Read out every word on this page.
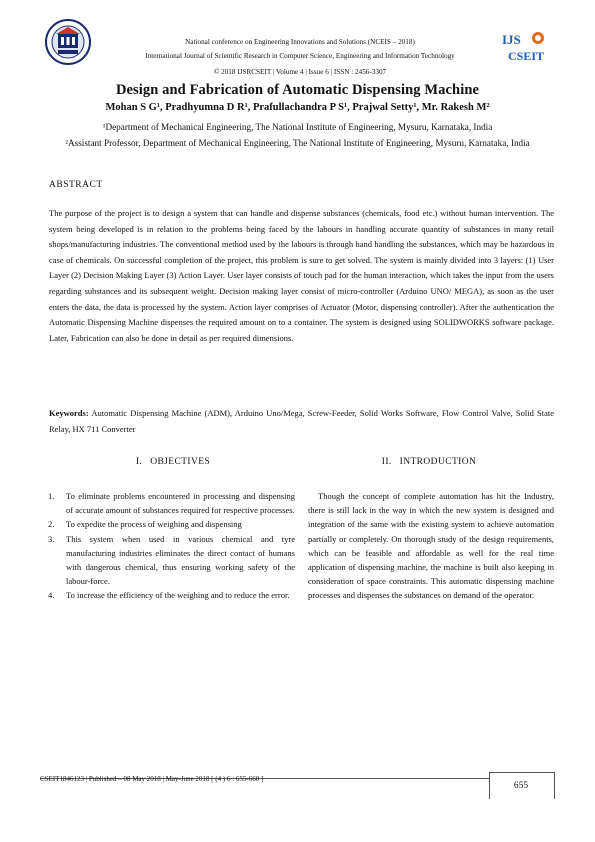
National conference on Engineering Innovations and Solutions (NCEIS – 2018)
International Journal of Scientific Research in Computer Science, Engineering and Information Technology
© 2018 IJSRCSEIT | Volume 4 | Issue 6 | ISSN : 2456-3307
IJS
CSEIT
Design and Fabrication of Automatic Dispensing Machine
Mohan S G¹, Pradhyumna D R¹, Prafullachandra P S¹, Prajwal Setty¹, Mr. Rakesh M²
¹Department of Mechanical Engineering, The National Institute of Engineering, Mysuru, Karnataka, India
²Assistant Professor, Department of Mechanical Engineering, The National Institute of Engineering, Mysuru, Karnataka, India
ABSTRACT
The purpose of the project is to design a system that can handle and dispense substances (chemicals, food etc.) without human intervention. The system being developed is in relation to the problems being faced by the labours in handling accurate quantity of substances in many retail shops/manufacturing industries. The conventional method used by the labours is through hand handling the substances, which may be hazardous in case of chemicals. On successful completion of the project, this problem is sure to get solved. The system is mainly divided into 3 layers: (1) User Layer (2) Decision Making Layer (3) Action Layer. User layer consists of touch pad for the human interaction, which takes the input from the users regarding substances and its subsequent weight. Decision making layer consist of micro-controller (Arduino UNO/ MEGA), as soon as the user enters the data, the data is processed by the system. Action layer comprises of Actuator (Motor, dispensing controller). After the authentication the Automatic Dispensing Machine dispenses the required amount on to a container. The system is designed using SOLIDWORKS software package. Later, Fabrication can also be done in detail as per required dimensions.
Keywords: Automatic Dispensing Machine (ADM), Arduino Uno/Mega, Screw-Feeder, Solid Works Software, Flow Control Valve, Solid State Relay, HX 711 Converter
I. OBJECTIVES	II. INTRODUCTION
1. To eliminate problems encountered in processing and dispensing of accurate amount of substances required for respective processes.
2. To expedite the process of weighing and dispensing
3. This system when used in various chemical and tyre manufacturing industries eliminates the direct contact of humans with dangerous chemical, thus ensuring working safety of the labour-force.
4. To increase the efficiency of the weighing and to reduce the error.
Though the concept of complete automation has hit the Industry, there is still lack in the way in which the new system is designed and integration of the same with the existing system to achieve automation partially or completely. On thorough study of the design requirements, which can be feasible and affordable as well for the real time application of dispensing machine, the machine is built also keeping in consideration of space constraints. This automatic dispensing machine processes and dispenses the substances on demand of the operator.
CSEIT1846123 | Published – 08 May 2018 | May-June 2018 [ (4 ) 6 : 655-660 ]
655
